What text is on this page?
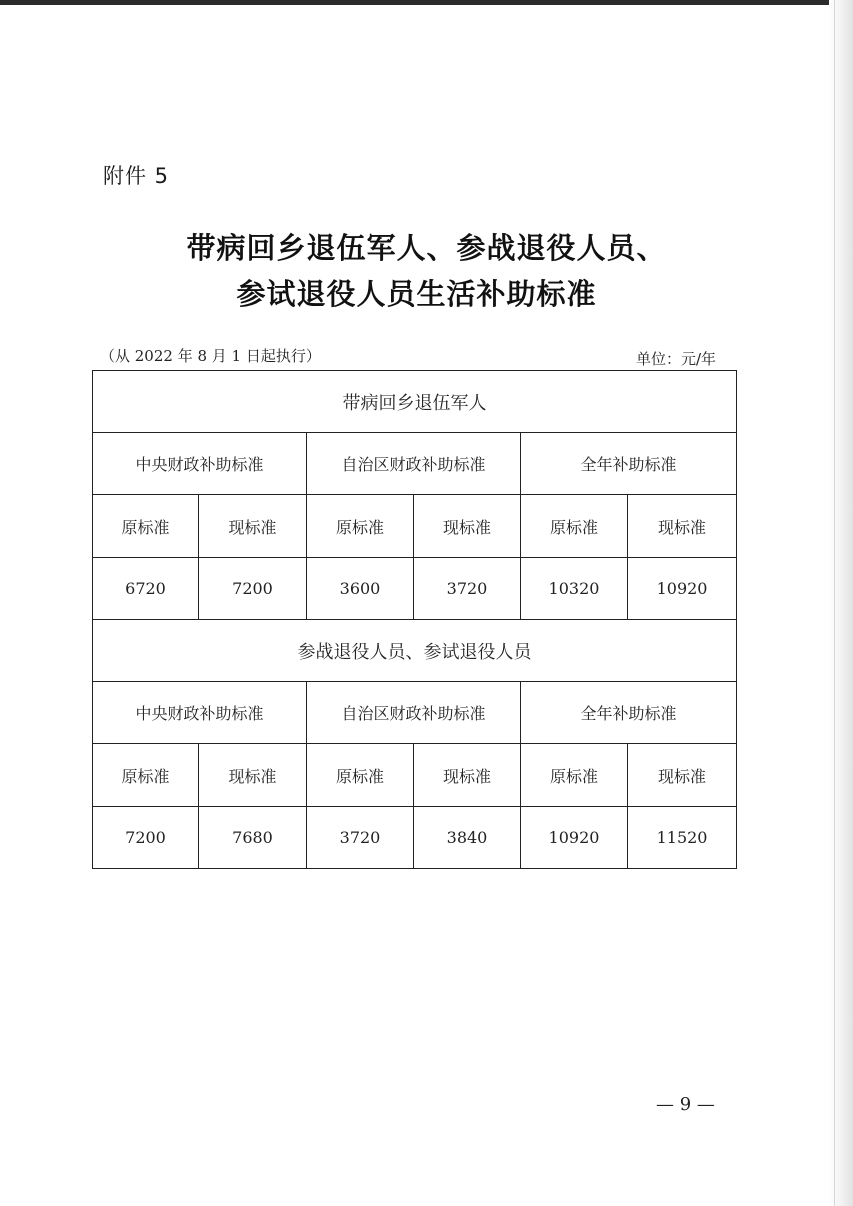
附件 5
带病回乡退伍军人、参战退役人员、
参试退役人员生活补助标准
（从 2022 年 8 月 1 日起执行）	单位：元/年
带病回乡退伍军人					
中央财政补助标准		自治区财政补助标准		全年补助标准	
原标准	现标准	原标准	现标准	原标准	现标准
6720	7200	3600	3720	10320	10920
参战退役人员、参试退役人员					
中央财政补助标准		自治区财政补助标准		全年补助标准	
原标准	现标准	原标准	现标准	原标准	现标准
7200	7680	3720	3840	10920	11520
— 9 —
